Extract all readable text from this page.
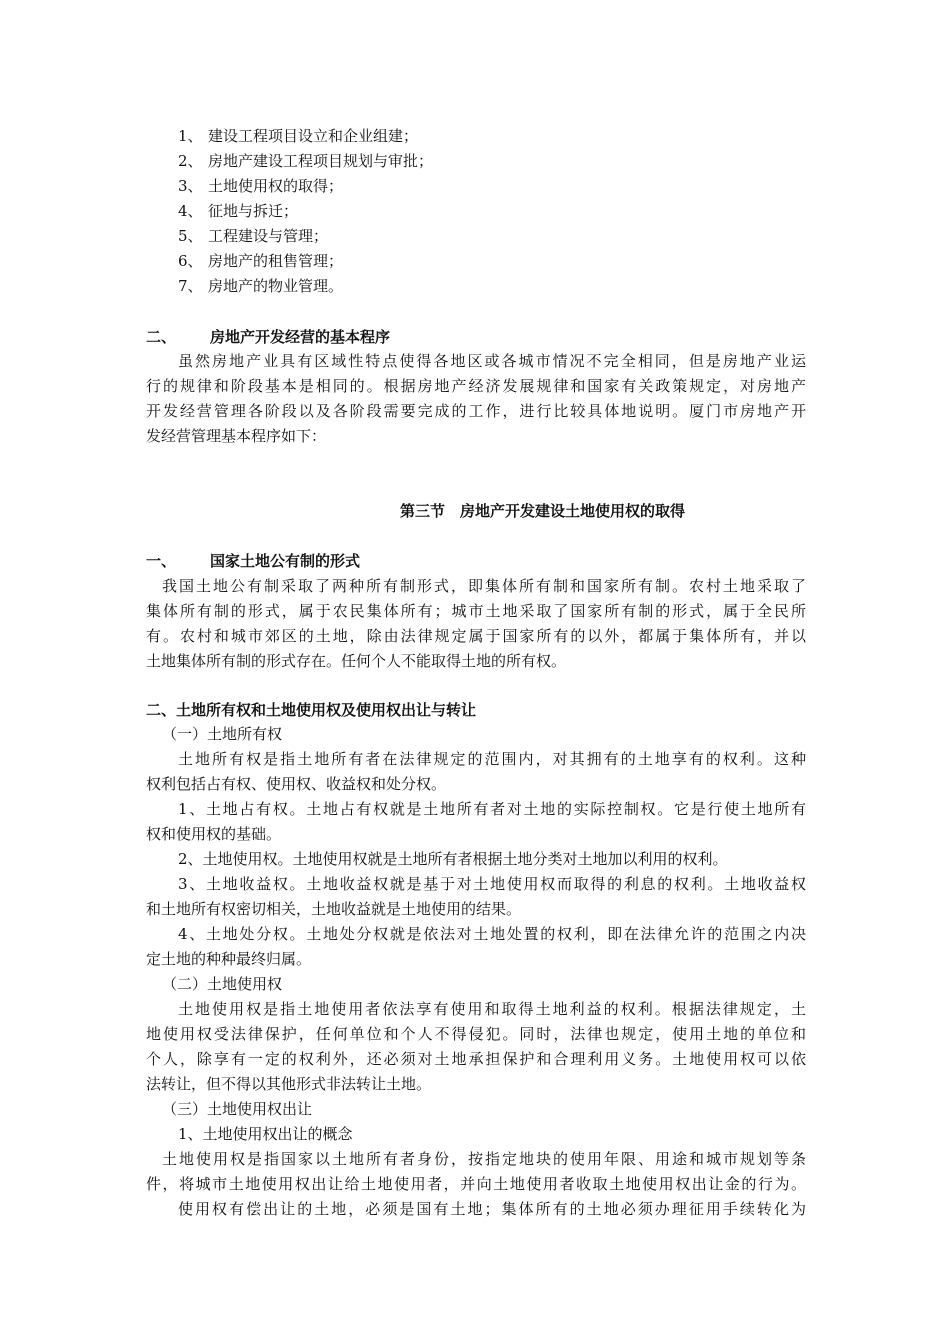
1、 建设工程项目设立和企业组建；
2、 房地产建设工程项目规划与审批；
3、 土地使用权的取得；
4、 征地与拆迁；
5、 工程建设与管理；
6、 房地产的租售管理；
7、 房地产的物业管理。
二、 房地产开发经营的基本程序
虽然房地产业具有区域性特点使得各地区或各城市情况不完全相同，但是房地产业运
行的规律和阶段基本是相同的。根据房地产经济发展规律和国家有关政策规定，对房地产
开发经营管理各阶段以及各阶段需要完成的工作，进行比较具体地说明。厦门市房地产开
发经营管理基本程序如下：
第三节　房地产开发建设土地使用权的取得
一、 国家土地公有制的形式
我国土地公有制采取了两种所有制形式，即集体所有制和国家所有制。农村土地采取了
集体所有制的形式，属于农民集体所有；城市土地采取了国家所有制的形式，属于全民所
有。农村和城市郊区的土地，除由法律规定属于国家所有的以外，都属于集体所有，并以
土地集体所有制的形式存在。任何个人不能取得土地的所有权。
二、土地所有权和土地使用权及使用权出让与转让
（一）土地所有权
土地所有权是指土地所有者在法律规定的范围内，对其拥有的土地享有的权利。这种
权利包括占有权、使用权、收益权和处分权。
1、土地占有权。土地占有权就是土地所有者对土地的实际控制权。它是行使土地所有
权和使用权的基础。
2、土地使用权。土地使用权就是土地所有者根据土地分类对土地加以利用的权利。
3、土地收益权。土地收益权就是基于对土地使用权而取得的利息的权利。土地收益权
和土地所有权密切相关，土地收益就是土地使用的结果。
4、土地处分权。土地处分权就是依法对土地处置的权利，即在法律允许的范围之内决
定土地的种种最终归属。
（二）土地使用权
土地使用权是指土地使用者依法享有使用和取得土地利益的权利。根据法律规定，土
地使用权受法律保护，任何单位和个人不得侵犯。同时，法律也规定，使用土地的单位和
个人，除享有一定的权利外，还必须对土地承担保护和合理利用义务。土地使用权可以依
法转让，但不得以其他形式非法转让土地。
（三）土地使用权出让
1、土地使用权出让的概念
土地使用权是指国家以土地所有者身份，按指定地块的使用年限、用途和城市规划等条
件，将城市土地使用权出让给土地使用者，并向土地使用者收取土地使用权出让金的行为。
使用权有偿出让的土地，必须是国有土地；集体所有的土地必须办理征用手续转化为
